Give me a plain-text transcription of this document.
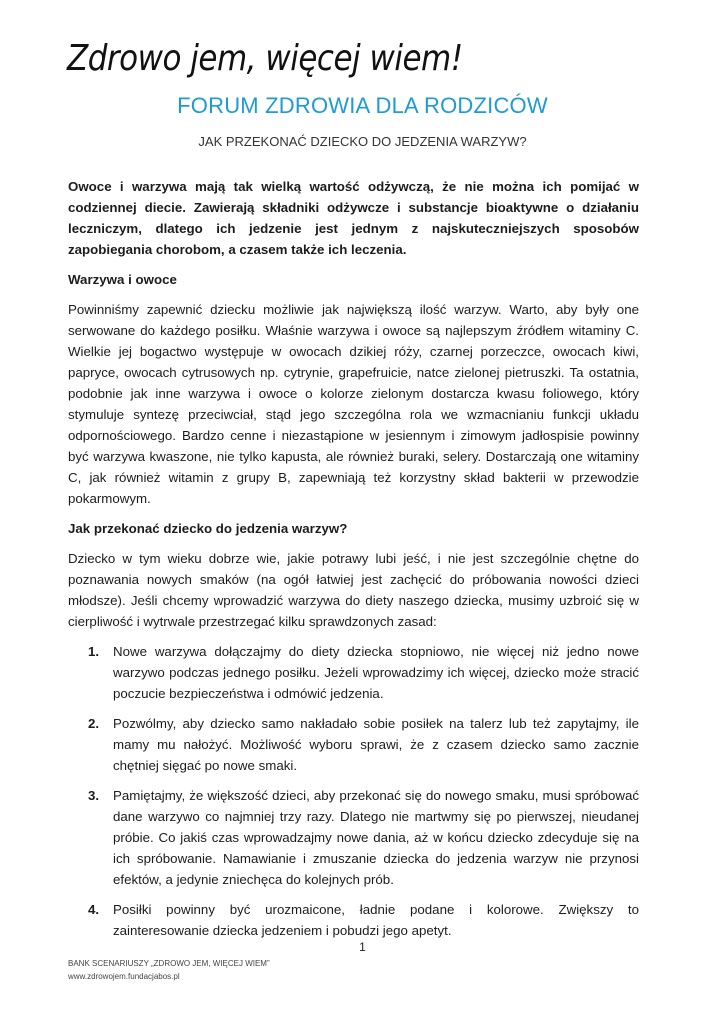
Zdrowo jem, więcej wiem!
FORUM ZDROWIA DLA RODZICÓW
JAK PRZEKONAĆ DZIECKO DO JEDZENIA WARZYW?

Owoce i warzywa mają tak wielką wartość odżywczą, że nie można ich pomijać w codziennej diecie. Zawierają składniki odżywcze i substancje bioaktywne o działaniu leczniczym, dlatego ich jedzenie jest jednym z najskuteczniejszych sposobów zapobiegania chorobom, a czasem także ich leczenia.

Warzywa i owoce

Powinniśmy zapewnić dziecku możliwie jak największą ilość warzyw. Warto, aby były one serwowane do każdego posiłku. Właśnie warzywa i owoce są najlepszym źródłem witaminy C. Wielkie jej bogactwo występuje w owocach dzikiej róży, czarnej porzeczce, owocach kiwi, papryce, owocach cytrusowych np. cytrynie, grapefruicie, natce zielonej pietruszki. Ta ostatnia, podobnie jak inne warzywa i owoce o kolorze zielonym dostarcza kwasu foliowego, który stymuluje syntezę przeciwciał, stąd jego szczególna rola we wzmacnianiu funkcji układu odpornościowego. Bardzo cenne i niezastąpione w jesiennym i zimowym jadłospisie powinny być warzywa kwaszone, nie tylko kapusta, ale również buraki, selery. Dostarczają one witaminy C, jak również witamin z grupy B, zapewniają też korzystny skład bakterii w przewodzie pokarmowym.

Jak przekonać dziecko do jedzenia warzyw?

Dziecko w tym wieku dobrze wie, jakie potrawy lubi jeść, i nie jest szczególnie chętne do poznawania nowych smaków (na ogół łatwiej jest zachęcić do próbowania nowości dzieci młodsze). Jeśli chcemy wprowadzić warzywa do diety naszego dziecka, musimy uzbroić się w cierpliwość i wytrwale przestrzegać kilku sprawdzonych zasad:

1. Nowe warzywa dołączajmy do diety dziecka stopniowo, nie więcej niż jedno nowe warzywo podczas jednego posiłku. Jeżeli wprowadzimy ich więcej, dziecko może stracić poczucie bezpieczeństwa i odmówić jedzenia.
2. Pozwólmy, aby dziecko samo nakładało sobie posiłek na talerz lub też zapytajmy, ile mamy mu nałożyć. Możliwość wyboru sprawi, że z czasem dziecko samo zacznie chętniej sięgać po nowe smaki.
3. Pamiętajmy, że większość dzieci, aby przekonać się do nowego smaku, musi spróbować dane warzywo co najmniej trzy razy. Dlatego nie martwmy się po pierwszej, nieudanej próbie. Co jakiś czas wprowadzajmy nowe dania, aż w końcu dziecko zdecyduje się na ich spróbowanie. Namawianie i zmuszanie dziecka do jedzenia warzyw nie przynosi efektów, a jedynie zniechęca do kolejnych prób.
4. Posiłki powinny być urozmaicone, ładnie podane i kolorowe. Zwiększy to zainteresowanie dziecka jedzeniem i pobudzi jego apetyt.
1
BANK SCENARIUSZY „ZDROWO JEM, WIĘCEJ WIEM”
www.zdrowojem.fundacjabos.pl
